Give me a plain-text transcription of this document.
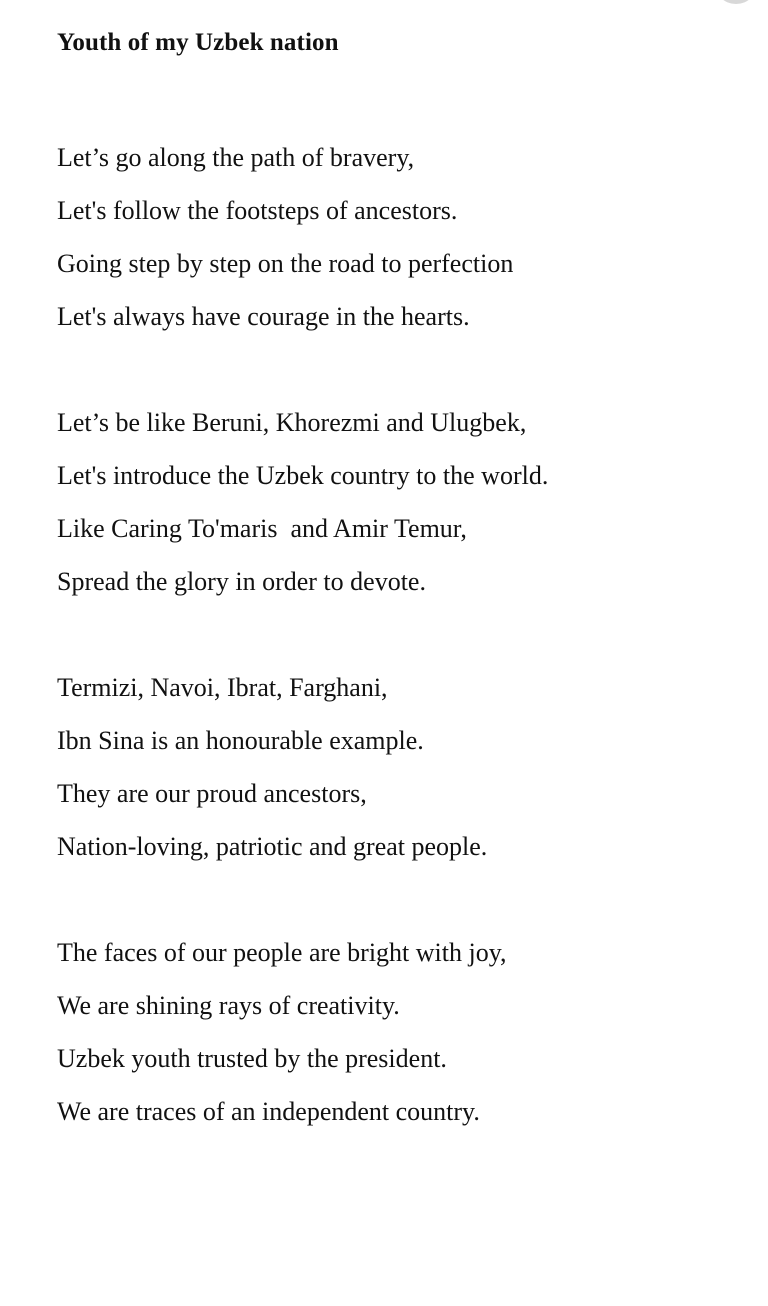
Youth of my Uzbek nation

Let’s go along the path of bravery,

Let's follow the footsteps of ancestors.

Going step by step on the road to perfection

Let's always have courage in the hearts.

Let’s be like Beruni, Khorezmi and Ulugbek,

Let's introduce the Uzbek country to the world.

Like Caring To'maris  and Amir Temur,

Spread the glory in order to devote.

Termizi, Navoi, Ibrat, Farghani,

Ibn Sina is an honourable example.

They are our proud ancestors,

Nation-loving, patriotic and great people.

The faces of our people are bright with joy,

We are shining rays of creativity.

Uzbek youth trusted by the president.

We are traces of an independent country.
